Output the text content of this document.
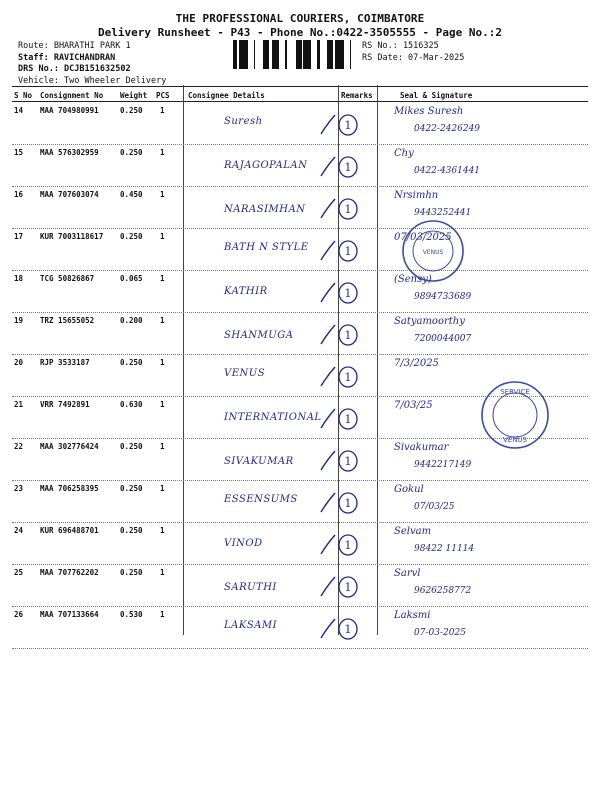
THE PROFESSIONAL COURIERS, COIMBATORE
Delivery Runsheet - P43 - Phone No.:0422-3505555 - Page No.:2
Route: BHARATHI PARK 1
Staff: RAVICHANDRAN
DRS No.: DCJB151632502
Vehicle: Two Wheeler Delivery
RS No.: 1516325
RS Date: 07-Mar-2025
S No Consignment No Weight PCS Consignee Details	Remarks	Seal & Signature
14 MAA 704980991	0.250 1
Suresh	1
Mikes Suresh
0422-2426249
15 MAA 576302959	0.250 1
RAJAGOPALAN	1
Chy
0422-4361441
16 MAA 707603074	0.450 1
NARASIMHAN	1
Nrsimhn
9443252441
17 KUR 7003118617 0.250 1
BATH N STYLE	1
07/03/2025
18 TCG 50826867	0.065 1
KATHIR	1
(Sensy)
9894733689
19 TRZ 15655052	0.200 1
SHANMUGA	1
Satyamoorthy
7200044007
20 RJP 3533187	0.250 1
VENUS	1
7/3/2025
21 VRR 7492891	0.630 1
INTERNATIONAL 1
7/03/25
22 MAA 302776424	0.250 1
SIVAKUMAR	1
Sivakumar
9442217149
23 MAA 706258395	0.250 1
ESSENSUMS	1
Gokul
07/03/25
24 KUR 696488701	0.250 1
VINOD	1
Selvam
98422 11114
25 MAA 707762202	0.250 1
SARUTHI	1
Sarvl
9626258772
26 MAA 707133664	0.530 1
LAKSAMI	1
Laksmi
07-03-2025
VENUS
SERVICE
VENUS
